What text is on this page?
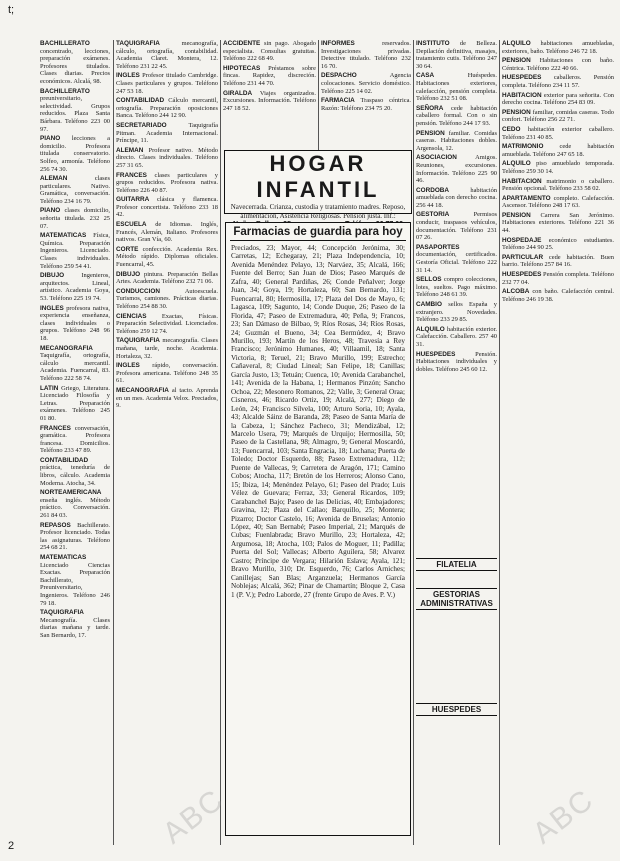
t;
2

BACHILLERATO concentrado, lecciones, preparación exámenes. Profesores titulados. Clases diarias. Precios económicos. Alcalá, 98.

BACHILLERATO preuniversitario, selectividad. Grupos reducidos. Plaza Santa Bárbara. Teléfono 223 00 97.

PIANO lecciones a domicilio. Profesora titulada conservatorio. Solfeo, armonía. Teléfono 256 74 30.

ALEMAN	clases particulares. Nativo. Gramática, conversación. Teléfono 234 16 79.

PIANO clases domicilio, señorita titulada. 232 25 07.

MATEMATICAS Física, Química. Preparación Ingenieros. Licenciado. Clases individuales. Teléfono 259 54 41.

DIBUJO	Ingenieros, arquitectos. Lineal, artístico. Academia Goya, 53. Teléfono 225 19 74.

INGLES profesora nativa, experiencia enseñanza, clases individuales o grupos. Teléfono 248 96 18.

MECANOGRAFIA Taquigrafía, ortografía, cálculo mercantil. Academia. Fuencarral, 83. Teléfono 222 58 74.

LATIN Griego, Literatura. Licenciado Filosofía y Letras. Preparación exámenes. Teléfono 245 01 80.

FRANCES conversación, gramática. Profesora francesa. Domicilios. Teléfono 233 47 89.

CONTABILIDAD práctica, teneduría de libros, cálculo. Academia Moderna. Atocha, 34.

NORTEAMERICANA enseña inglés. Método práctico. Conversación. 261 84 03.

REPASOS Bachillerato. Profesor licenciado. Todas las asignaturas. Teléfono 254 68 21.

MATEMATICAS Licenciado Ciencias Exactas. Preparación Bachillerato, Preuniversitario, Ingenieros. Teléfono 246 79 18.

TAQUIGRAFIA Mecanografía. Clases diarias mañana y tarde. San Bernardo, 17.

TAQUIGRAFIA	mecanografía, cálculo, ortografía, contabilidad. Academia Claret. Montera, 12. Teléfono 231 22 45.

INGLES Profesor titulado Cambridge. Clases particulares y grupos. Teléfono 247 53 18.

CONTABILIDAD Cálculo mercantil, ortografía. Preparación oposiciones Banca. Teléfono 244 12 90.

SECRETARIADO	Taquigrafía Pitman. Academia Internacional. Príncipe, 11.

ALEMAN Profesor nativo. Método directo. Clases individuales. Teléfono 257 31 65.

FRANCES clases particulares y grupos reducidos. Profesora nativa. Teléfono 226 40 87.

GUITARRA clásica y flamenca. Profesor concertista. Teléfono 233 18 42.

ESCUELA de Idiomas. Inglés, Francés, Alemán, Italiano. Profesores nativos. Gran Vía, 60.

CORTE confección. Academia Rex. Método rápido. Diplomas oficiales. Fuencarral, 45.

DIBUJO pintura. Preparación Bellas Artes. Academia. Teléfono 232 71 06.

CONDUCCION	Autoescuela. Turismos, camiones. Prácticas diarias. Teléfono 254 88 30.

CIENCIAS Exactas, Físicas. Preparación Selectividad. Licenciados. Teléfono 259 12 74.

TAQUIGRAFIA mecanografía. Clases mañana, tarde, noche. Academia. Hortaleza, 32.

INGLES rápido, conversación. Profesora americana. Teléfono 248 35 61.

MECANOGRAFIA al tacto. Aprenda en un mes. Academia Velox. Preciados, 9.

ACCIDENTE sin pago. Abogado especialista. Consultas gratuitas. Teléfono 222 68 49.

HIPOTECAS Préstamos sobre fincas. Rapidez, discreción. Teléfono 231 44 70.

GIRALDA Viajes organizados. Excursiones. Información. Teléfono 247 18 52.

INFORMES	reservados. Investigaciones privadas. Detective titulado. Teléfono 232 16 70.

DESPACHO	Agencia colocaciones. Servicio doméstico. Teléfono 225 14 02.

FARMACIA Traspaso céntrica. Razón: Teléfono 234 75 20.

INSTITUTO de Belleza. Depilación definitiva, masajes, tratamiento cutis. Teléfono 247 30 64.

CASA	Huéspedes. Habitaciones exteriores, calefacción, pensión completa. Teléfono 232 51 08.

SEÑORA cede habitación caballero formal. Con o sin pensión. Teléfono 244 17 93.

PENSION familiar. Comidas caseras. Habitaciones dobles. Argensola, 12.

ASOCIACION	Amigos. Reuniones, excursiones. Información. Teléfono 225 90 46.

CORDOBA	habitación amueblada con derecho cocina. 256 44 18.

GESTORIA	Permisos conducir, traspasos vehículos, documentación. Teléfono 231 07 26.

PASAPORTES documentación, certificados. Gestoría Oficial. Teléfono 222 31 14.

SELLOS compro colecciones, lotes, sueltos. Pago máximo. Teléfono 248 61 39.

CAMBIO sellos España y extranjero. Novedades. Teléfono 233 29 85.

ALQUILO habitación exterior. Calefacción. Caballero. 257 40 31.

HUESPEDES	Pensión. Habitaciones individuales y dobles. Teléfono 245 60 12.

ALQUILO habitaciones amuebladas, exteriores, baño. Teléfono 246 72 18.

PENSION Habitaciones con baño. Céntrica. Teléfono 222 40 66.

HUESPEDES caballeros. Pensión completa. Teléfono 234 11 57.

HABITACION exterior para señorita. Con derecho cocina. Teléfono 254 83 09.

PENSION familiar, comidas caseras. Todo confort. Teléfono 256 22 71.

CEDO habitación exterior caballero. Teléfono 231 40 85.

MATRIMONIO	cede habitación amueblada. Teléfono 247 65 18.

ALQUILO piso amueblado temporada. Teléfono 259 30 14.

HABITACION matrimonio o caballero. Pensión opcional. Teléfono 233 58 02.

APARTAMENTO completo. Calefacción. Ascensor. Teléfono 248 17 63.

PENSION Carrera San Jerónimo. Habitaciones exteriores. Teléfono 221 36 44.

HOSPEDAJE económico estudiantes. Teléfono 244 90 25.

PARTICULAR cede habitación. Buen barrio. Teléfono 257 84 16.

HUESPEDES Pensión completa. Teléfono 232 77 04.

ALCOBA con baño. Calefacción central. Teléfono 246 19 38.

HOGAR INFANTIL
Navecerrada. Crianza, custodia y tratamiento madres. Reposo, alimentación, Asistencia Religiosas. Pensión justa. Inf.:
Farmacias de guardia para hoy
Preciados, 23; Mayor, 44; Concepción Jerónima, 30; Carretas, 12; Echegaray, 21; Plaza Independencia, 10; Avenida Menéndez Pelayo, 13; Narváez, 35; Alcalá, 166; Fuente del Berro; San Juan de Dios; Paseo Marqués de Zafra, 40; General Pardiñas, 26; Conde Peñalver; Jorge Juan, 34; Goya, 19; Hortaleza, 60; San Bernardo, 131; Fuencarral, 80; Hermosilla, 17; Plaza del Dos de Mayo, 6; Lagasca, 109; Sagunto, 14; Conde Duque, 26; Paseo de la Florida, 47; Paseo de Extremadura, 40; Peña, 9; Francos, 23; San Dámaso de Bilbao, 9; Ríos Rosas, 34; Ríos Rosas, 24; Guzmán el Bueno, 34; Cea Bermúdez, 4; Bravo Murillo, 193; Martín de los Heros, 48; Travesía a Rey Francisco; Jerónimo Humanes, 40; Villaamil, 18; Santa Victoria, 8; Teruel, 21; Bravo Murillo, 199; Estrecho; Cañaveral, 8; Ciudad Lineal; San Felipe, 18; Canillas; García Justo, 13; Tetuán; Cuenca, 10; Avenida Carabanchel, 141; Avenida de la Habana, 1; Hermanos Pinzón; Sancho Ochoa, 22; Mesonero Romanos, 22; Valle, 3; General Oraa; Cisneros, 46; Ricardo Ortiz, 19; Alcalá, 277; Diego de León, 24; Francisco Silvela, 100; Arturo Soria, 10; Ayala, 43; Alcalde Sáinz de Baranda, 28; Paseo de Santa María de la Cabeza, 1; Sánchez Pacheco, 31; Mendizábal, 12; Marcelo Usera, 79; Marqués de Urquijo; Hermosilla, 50; Paseo de la Castellana, 98; Almagro, 9; General Moscardó, 13; Fuencarral, 103; Santa Engracia, 18; Luchana; Puerta de Toledo; Doctor Esquerdo, 88; Paseo Extremadura, 112; Puente de Vallecas, 9; Carretera de Aragón, 171; Camino Cobos; Atocha, 117; Bretón de los Herreros; Alonso Cano, 15; Ibiza, 14; Menéndez Pelayo, 61; Paseo del Prado; Luis Vélez de Guevara; Ferraz, 33; General Ricardos, 109; Carabanchel Bajo; Paseo de las Delicias, 40; Embajadores; Gravina, 12; Plaza del Callao; Barquillo, 25; Montera; Pizarro; Doctor Castelo, 16; Avenida de Bruselas; Antonio López, 40; San Bernabé; Paseo Imperial, 21; Marqués de Cubas; Fuenlabrada; Bravo Murillo, 23; Hortaleza, 42; Argumosa, 18; Atocha, 103; Palos de Moguer, 11; Padilla; Puerta del Sol; Vallecas; Alberto Aguilera, 58; Alvarez Castro; Príncipe de Vergara; Hilarión Eslava; Ayala, 121; Bravo Murillo, 310; Dr. Esquerdo, 76; Carlos Arniches; Canillejas; San Blas; Arganzuela; Hermanos García Noblejas; Alcalá, 362; Pinar de Chamartín; Bloque 2, Casa 1 (P. V.); Pedro Laborde, 27 (frente Grupo de Aves. P. V.)
FILATELIA
GESTORIAS ADMINISTRATIVAS
HUESPEDES
ABC	ABC
